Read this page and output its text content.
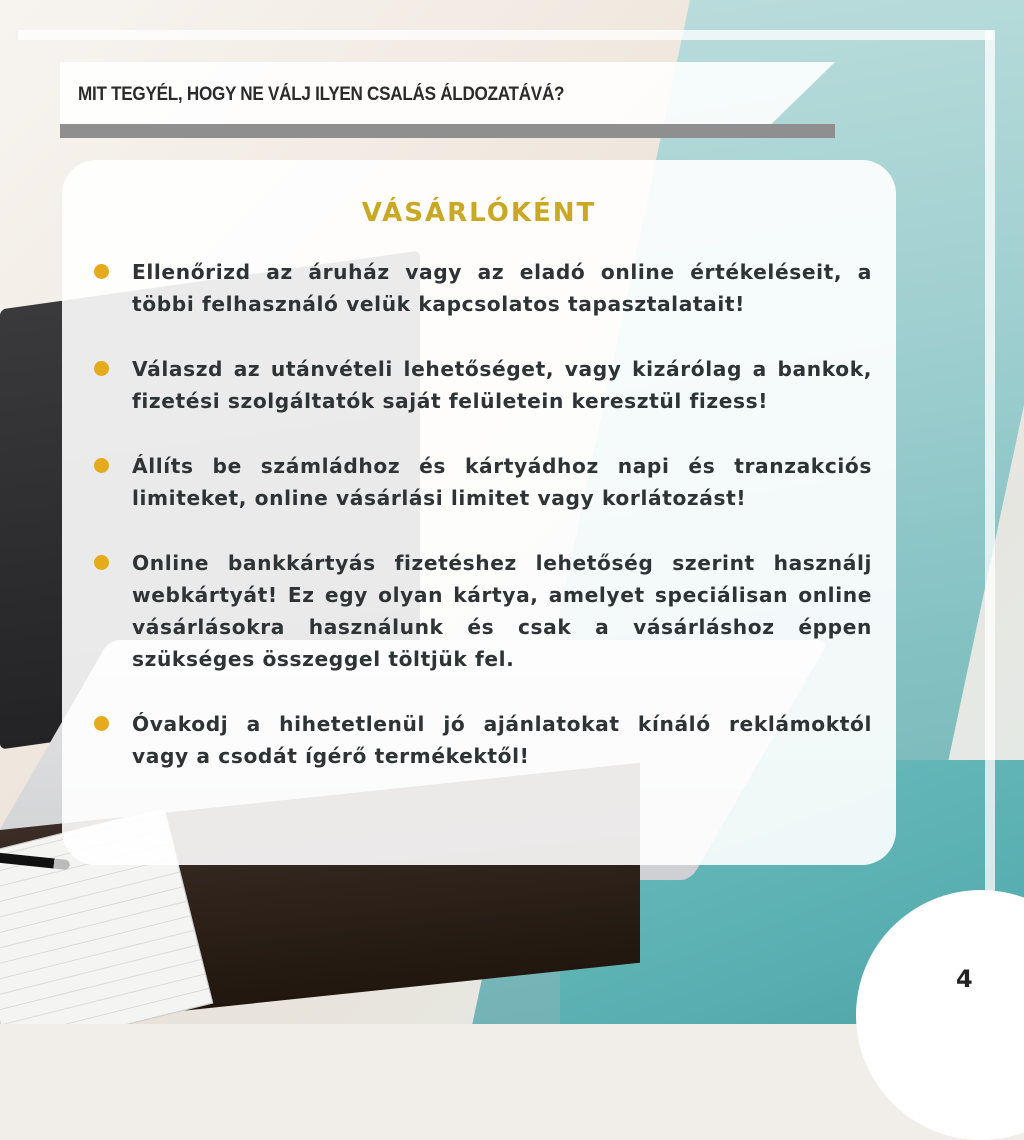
MIT TEGYÉL, HOGY NE VÁLJ ILYEN CSALÁS ÁLDOZATÁVÁ?
VÁSÁRLÓKÉNT
Ellenőrizd az áruház vagy az eladó online értékeléseit, a többi felhasználó velük kapcsolatos tapasztalatait!
Válaszd az utánvételi lehetőséget, vagy kizárólag a bankok, fizetési szolgáltatók saját felületein keresztül fizess!
Állíts be számládhoz és kártyádhoz napi és tranzakciós limiteket, online vásárlási limitet vagy korlátozást!
Online bankkártyás fizetéshez lehetőség szerint használj webkártyát! Ez egy olyan kártya, amelyet speciálisan online vásárlásokra használunk és csak a vásárláshoz éppen szükséges összeggel töltjük fel.
Óvakodj a hihetetlenül jó ajánlatokat kínáló reklámoktól vagy a csodát ígérő termékektől!
4
